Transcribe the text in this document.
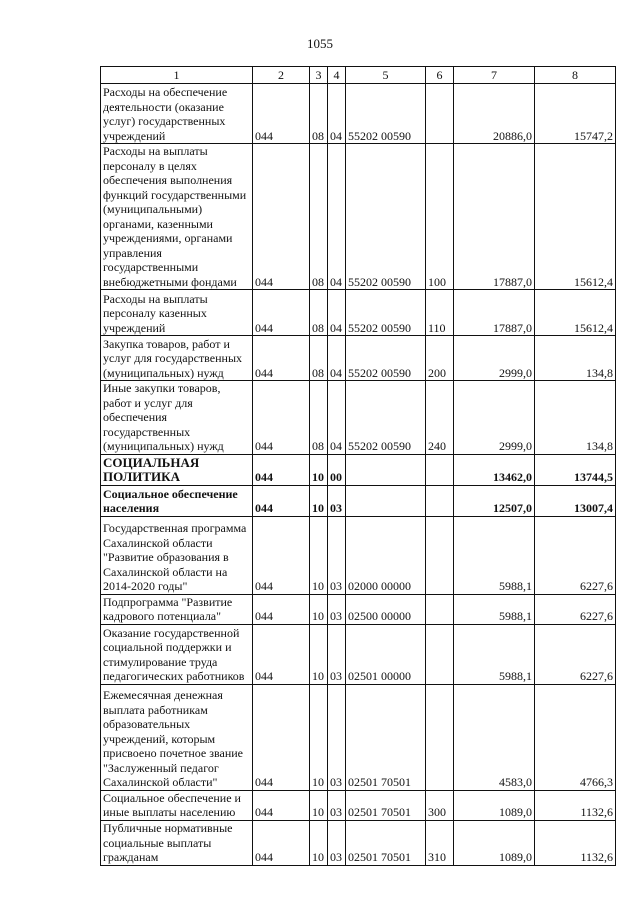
1055
1	2	3	4	5	6	7	8
Расходы на обеспечение деятельности (оказание услуг) государственных учреждений	044	08	04	55202 00590		20886,0	15747,2
Расходы на выплаты персоналу в целях обеспечения выполнения функций государственными (муниципальными) органами, казенными учреждениями, органами управления государственными внебюджетными фондами	044	08	04	55202 00590	100	17887,0	15612,4
Расходы на выплаты персоналу казенных учреждений	044	08	04	55202 00590	110	17887,0	15612,4
Закупка товаров, работ и услуг для государственных (муниципальных) нужд	044	08	04	55202 00590	200	2999,0	134,8
Иные закупки товаров, работ и услуг для обеспечения государственных (муниципальных) нужд	044	08	04	55202 00590	240	2999,0	134,8
СОЦИАЛЬНАЯ ПОЛИТИКА	044	10	00			13462,0	13744,5
Социальное обеспечение населения	044	10	03			12507,0	13007,4
Государственная программа Сахалинской области "Развитие образования в Сахалинской области на 2014-2020 годы"	044	10	03	02000 00000		5988,1	6227,6
Подпрограмма "Развитие кадрового потенциала"	044	10	03	02500 00000		5988,1	6227,6
Оказание государственной социальной поддержки и стимулирование труда педагогических работников	044	10	03	02501 00000		5988,1	6227,6
Ежемесячная денежная выплата работникам образовательных учреждений, которым присвоено почетное звание "Заслуженный педагог Сахалинской области"	044	10	03	02501 70501		4583,0	4766,3
Социальное обеспечение и иные выплаты населению	044	10	03	02501 70501	300	1089,0	1132,6
Публичные нормативные социальные выплаты гражданам	044	10	03	02501 70501	310	1089,0	1132,6
